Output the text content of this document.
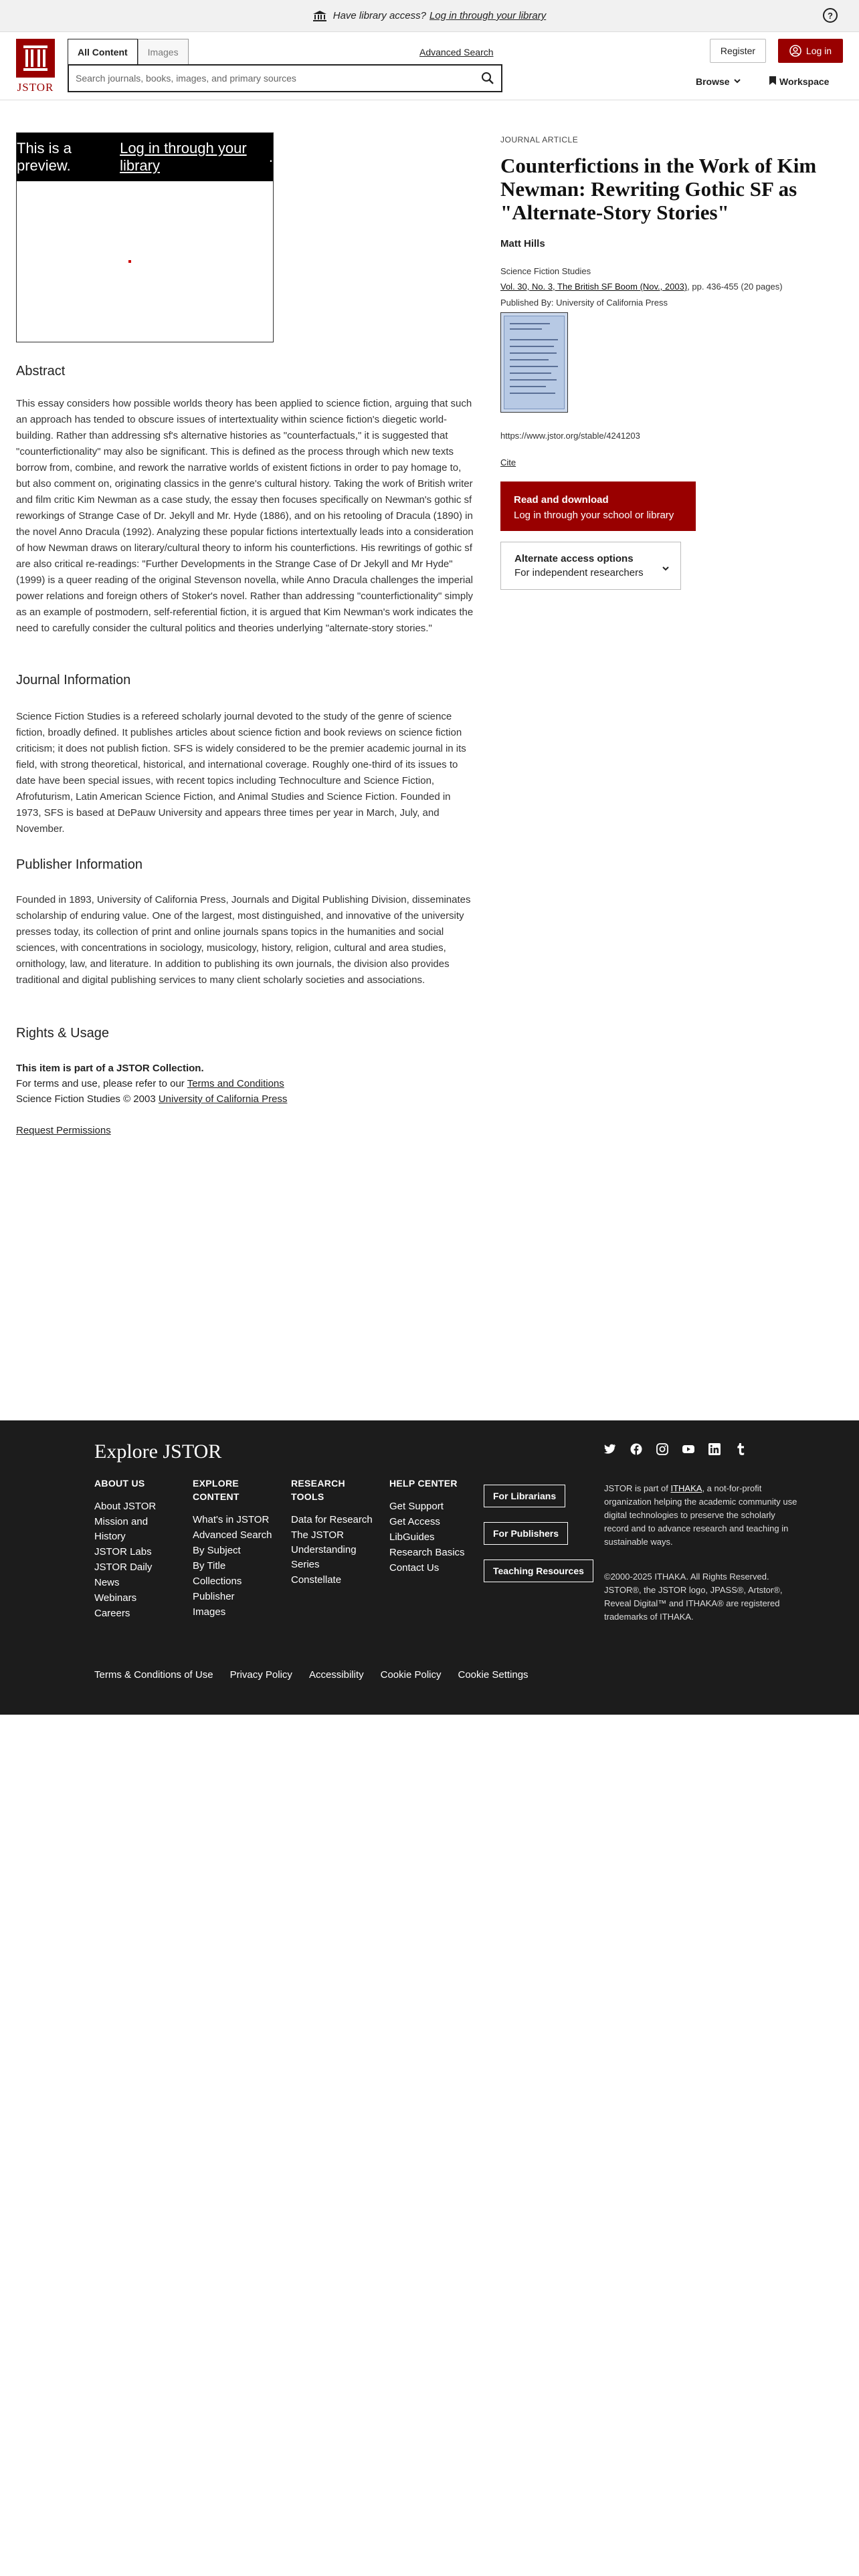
Have library access? Log in through your library	?
JSTOR
All Content	Images
Search journals, books, images, and primary sources	Advanced Search	Register	Log in
Browse	Workspace
This is a preview.
Log in through your library
.
Abstract

This essay considers how possible worlds theory has been applied to science fiction, arguing that such an approach has tended to obscure issues of intertextuality within science fiction's diegetic world-building. Rather than addressing sf's alternative histories as "counterfactuals," it is suggested that "counterfictionality" may also be significant. This is defined as the process through which new texts borrow from, combine, and rework the narrative worlds of existent fictions in order to pay homage to, but also comment on, originating classics in the genre's cultural history. Taking the work of British writer and film critic Kim Newman as a case study, the essay then focuses specifically on Newman's gothic sf reworkings of Strange Case of Dr. Jekyll and Mr. Hyde (1886), and on his retooling of Dracula (1890) in the novel Anno Dracula (1992). Analyzing these popular fictions intertextually leads into a consideration of how Newman draws on literary/cultural theory to inform his counterfictions. His rewritings of gothic sf are also critical re-readings: "Further Developments in the Strange Case of Dr Jekyll and Mr Hyde" (1999) is a queer reading of the original Stevenson novella, while Anno Dracula challenges the imperial power relations and foreign others of Stoker's novel. Rather than addressing "counterfictionality" simply as an example of postmodern, self-referential fiction, it is argued that Kim Newman's work indicates the need to carefully consider the cultural politics and theories underlying "alternate-story stories."

Journal Information

Science Fiction Studies is a refereed scholarly journal devoted to the study of the genre of science fiction, broadly defined. It publishes articles about science fiction and book reviews on science fiction criticism; it does not publish fiction. SFS is widely considered to be the premier academic journal in its field, with strong theoretical, historical, and international coverage. Roughly one-third of its issues to date have been special issues, with recent topics including Technoculture and Science Fiction, Afrofuturism, Latin American Science Fiction, and Animal Studies and Science Fiction. Founded in 1973, SFS is based at DePauw University and appears three times per year in March, July, and November.

Publisher Information

Founded in 1893, University of California Press, Journals and Digital Publishing Division, disseminates scholarship of enduring value. One of the largest, most distinguished, and innovative of the university presses today, its collection of print and online journals spans topics in the humanities and social sciences, with concentrations in sociology, musicology, history, religion, cultural and area studies, ornithology, law, and literature. In addition to publishing its own journals, the division also provides traditional and digital publishing services to many client scholarly societies and associations.

Rights & Usage
This item is part of a JSTOR Collection.
For terms and use, please refer to our Terms and Conditions
Science Fiction Studies © 2003 University of California Press
Request Permissions
JOURNAL ARTICLE
Counterfictions in the Work of Kim Newman: Rewriting Gothic SF as "Alternate-Story Stories"
Matt Hills
Science Fiction Studies
Vol. 30, No. 3, The British SF Boom (Nov., 2003), pp. 436-455 (20 pages)
Published By: University of California Press
https://www.jstor.org/stable/4241203
Cite
Read and download
Log in through your school or library
Alternate access options
For independent researchers
Explore JSTOR
ABOUT US
About JSTOR
Mission and History
JSTOR Labs
JSTOR Daily
News
Webinars
Careers
EXPLORE CONTENT
What's in JSTOR
Advanced Search
By Subject
By Title
Collections
Publisher
Images
RESEARCH TOOLS
Data for Research
The JSTOR Understanding Series
Constellate
HELP CENTER
Get Support
Get Access
LibGuides
Research Basics
Contact Us
For Librarians
For Publishers
Teaching Resources
JSTOR is part of ITHAKA, a not-for-profit organization helping the academic community use digital technologies to preserve the scholarly record and to advance research and teaching in sustainable ways.
©2000-2025 ITHAKA. All Rights Reserved. JSTOR®, the JSTOR logo, JPASS®, Artstor®, Reveal Digital™ and ITHAKA® are registered trademarks of ITHAKA.
Terms & Conditions of Use Privacy Policy Accessibility Cookie Policy Cookie Settings
